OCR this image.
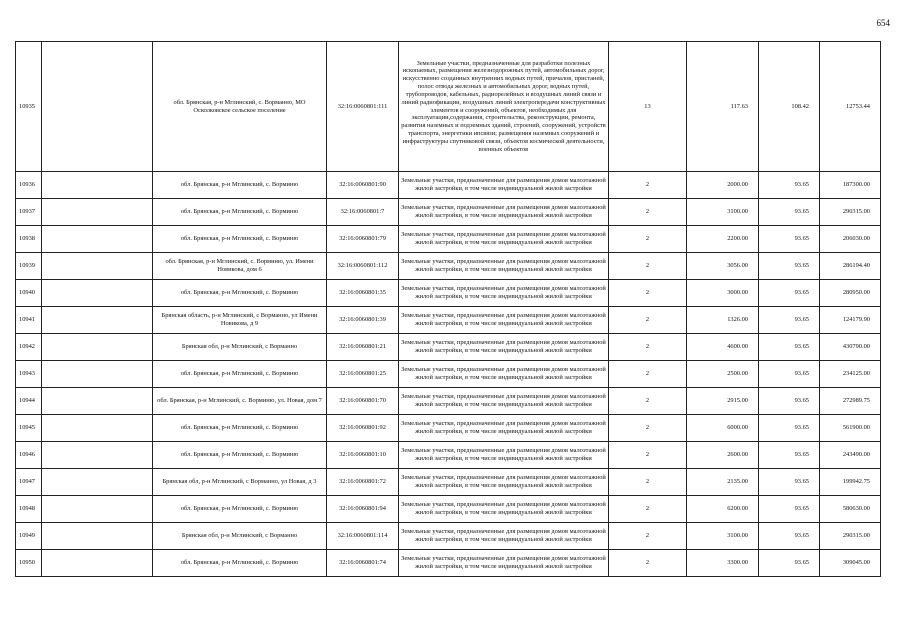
654
10935		обл. Брянская, р-н Мглинский, с. Ворманно, МО Осколковское сельское поселение	32:16:0060801:111	Земельные участки, предназначенные для разработки полезных ископаемых, размещения железнодорожных путей, автомобильных дорог, искусственно созданных внутренних водных путей, причалов, пристаней, полос отвода железных и автомобильных дорог, водных путей, трубопроводов, кабельных, радиорелейных и воздушных линий связи и линий радиофикации, воздушных линий электропередачи конструктивных элементов и сооружений, объектов, необходимых для эксплуатации,содержания, строительства, реконструкции, ремонта, развития наземных и подземных зданий, строений, сооружений, устройств транспорта, энергетики ипсвязи; размещения наземных сооружений и инфраструктуры спутниковой связи, объектов космической деятельности, военных объектов	13	117.63	108.42	12753.44
10936		обл. Брянская, р-н Мглинский, с. Ворминю	32:16:0060801:90	Земельные участки, предназначенные для размещения домов малоэтажной жилой застройки, в том числе индивидуальной жилой застройки	2	2000.00	93.65	187300.00
10937		обл. Брянская, р-н Мглинский, с. Ворминю	32:16:0060801:7	Земельные участки, предназначенные для размещения домов малоэтажной жилой застройки, в том числе индивидуальной жилой застройки	2	3100.00	93.65	290315.00
10938		обл. Брянская, р-н Мглинский, с. Ворминю	32:16:0060801:79	Земельные участки, предназначенные для размещения домов малоэтажной жилой застройки, в том числе индивидуальной жилой застройки	2	2200.00	93.65	206030.00
10939		обл. Брянская, р-н Мглинский, с. Ворминю, ул. Имени Новикова, дом 6	32:16:0060801:112	Земельные участки, предназначенные для размещения домов малоэтажной жилой застройки, в том числе индивидуальной жилой застройки	2	3056.00	93.65	286194.40
10940		обл. Брянская, р-н Мглинский, с. Ворминю	32:16:0060801:35	Земельные участки, предназначенные для размещения домов малоэтажной жилой застройки, в том числе индивидуальной жилой застройки	2	3000.00	93.65	280950.00
10941		Брянская область, р-н Мглинский, с Ворманно, ул Имени Новикова, д 9	32:16:0060801:39	Земельные участки, предназначенные для размещения домов малоэтажной жилой застройки, в том числе индивидуальной жилой застройки	2	1326.00	93.65	124179.90
10942		Брянская обл, р-н Мглинский, с Ворманно	32:16:0060801:21	Земельные участки, предназначенные для размещения домов малоэтажной жилой застройки, в том числе индивидуальной жилой застройки	2	4600.00	93.65	430790.00
10943		обл. Брянская, р-н Мглинский, с. Ворминю	32:16:0060801:25	Земельные участки, предназначенные для размещения домов малоэтажной жилой застройки, в том числе индивидуальной жилой застройки	2	2500.00	93.65	234125.00
10944		обл. Брянская, р-н Мглинский, с. Ворминю, ул. Новая, дом 7	32:16:0060801:70	Земельные участки, предназначенные для размещения домов малоэтажной жилой застройки, в том числе индивидуальной жилой застройки	2	2915.00	93.65	272989.75
10945		обл. Брянская, р-н Мглинский, с. Ворминю	32:16:0060801:92	Земельные участки, предназначенные для размещения домов малоэтажной жилой застройки, в том числе индивидуальной жилой застройки	2	6000.00	93.65	561900.00
10946		обл. Брянская, р-н Мглинский, с. Ворминю	32:16:0060801:10	Земельные участки, предназначенные для размещения домов малоэтажной жилой застройки, в том числе индивидуальной жилой застройки	2	2600.00	93.65	243490.00
10947		Брянская обл, р-н Мглинский, с Ворманно, ул Новая, д 3	32:16:0060801:72	Земельные участки, предназначенные для размещения домов малоэтажной жилой застройки, в том числе индивидуальной жилой застройки	2	2135.00	93.65	199942.75
10948		обл. Брянская, р-н Мглинский, с. Ворминю	32:16:0060801:94	Земельные участки, предназначенные для размещения домов малоэтажной жилой застройки, в том числе индивидуальной жилой застройки	2	6200.00	93.65	580630.00
10949		Брянская обл, р-н Мглинский, с Ворманно	32:16:0060801:114	Земельные участки, предназначенные для размещения домов малоэтажной жилой застройки, в том числе индивидуальной жилой застройки	2	3100.00	93.65	290315.00
10950		обл. Брянская, р-н Мглинский, с. Ворминю	32:16:0060801:74	Земельные участки, предназначенные для размещения домов малоэтажной жилой застройки, в том числе индивидуальной жилой застройки	2	3300.00	93.65	309045.00
